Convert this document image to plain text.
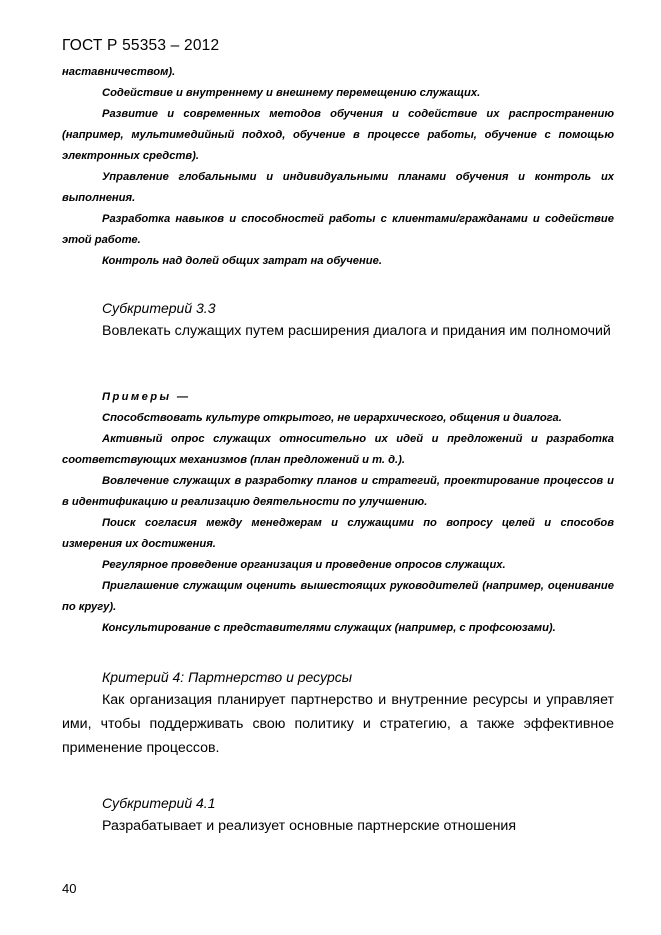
ГОСТ Р 55353 – 2012

наставничеством).

Содействие и внутреннему и внешнему перемещению служащих.

Развитие и современных методов обучения и содействие их распространению (например, мультимедийный подход, обучение в процессе работы, обучение с помощью электронных средств).

Управление глобальными и индивидуальными планами обучения и контроль их выполнения.

Разработка навыков и способностей работы с клиентами/гражданами и содействие этой работе.

Контроль над долей общих затрат на обучение.

Субкритерий 3.3

Вовлекать служащих путем расширения диалога и придания им полномочий

Примеры —

Способствовать культуре открытого, не иерархического, общения и диалога.

Активный опрос служащих относительно их идей и предложений и разработка соответствующих механизмов (план предложений и т. д.).

Вовлечение служащих в разработку планов и стратегий, проектирование процессов и в идентификацию и реализацию деятельности по улучшению.

Поиск согласия между менеджерам и служащими по вопросу целей и способов измерения их достижения.

Регулярное проведение организация и проведение опросов служащих.

Приглашение служащим оценить вышестоящих руководителей (например, оценивание по кругу).

Консультирование с представителями служащих (например, с профсоюзами).

Критерий 4: Партнерство и ресурсы

Как организация планирует партнерство и внутренние ресурсы и управляет ими, чтобы поддерживать свою политику и стратегию, а также эффективное применение процессов.

Субкритерий 4.1

Разрабатывает и реализует основные партнерские отношения

40
